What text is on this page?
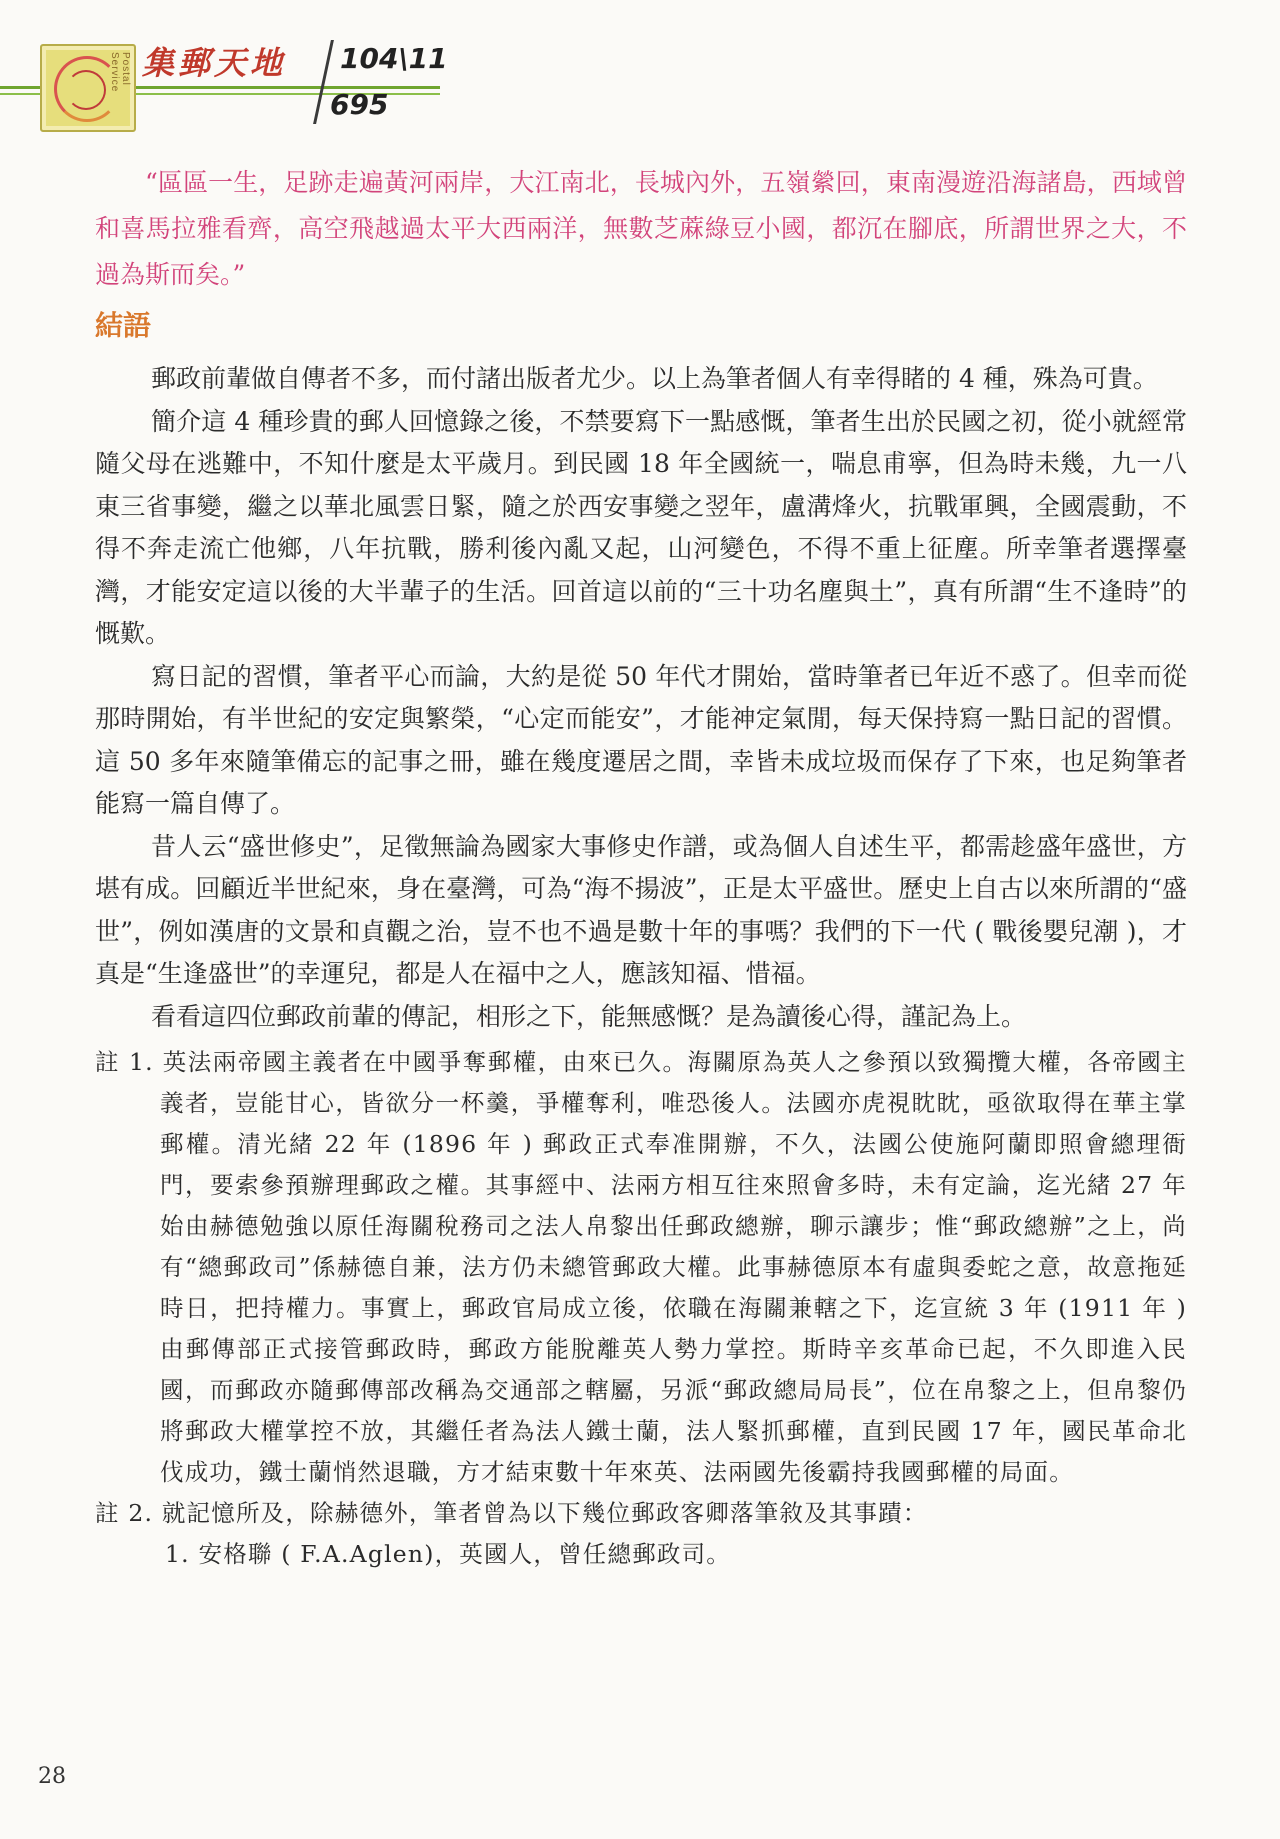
Postal Service 集郵天地 104\11
695

“區區一生，足跡走遍黃河兩岸，大江南北，長城內外，五嶺縈回，東南漫遊沿海諸島，西域曾和喜馬拉雅看齊，高空飛越過太平大西兩洋，無數芝蔴綠豆小國，都沉在腳底，所謂世界之大，不過為斯而矣。”

結語

郵政前輩做自傳者不多，而付諸出版者尤少。以上為筆者個人有幸得睹的 4 種，殊為可貴。

簡介這 4 種珍貴的郵人回憶錄之後，不禁要寫下一點感慨，筆者生出於民國之初，從小就經常隨父母在逃難中，不知什麼是太平歲月。到民國 18 年全國統一，喘息甫寧，但為時未幾，九一八東三省事變，繼之以華北風雲日緊，隨之於西安事變之翌年，盧溝烽火，抗戰軍興，全國震動，不得不奔走流亡他鄉，八年抗戰，勝利後內亂又起，山河變色，不得不重上征塵。所幸筆者選擇臺灣，才能安定這以後的大半輩子的生活。回首這以前的“三十功名塵與土”，真有所謂“生不逢時”的慨歎。

寫日記的習慣，筆者平心而論，大約是從 50 年代才開始，當時筆者已年近不惑了。但幸而從那時開始，有半世紀的安定與繁榮，“心定而能安”，才能神定氣閒，每天保持寫一點日記的習慣。這 50 多年來隨筆備忘的記事之冊，雖在幾度遷居之間，幸皆未成垃圾而保存了下來，也足夠筆者能寫一篇自傳了。

昔人云“盛世修史”，足徵無論為國家大事修史作譜，或為個人自述生平，都需趁盛年盛世，方堪有成。回顧近半世紀來，身在臺灣，可為“海不揚波”，正是太平盛世。歷史上自古以來所謂的“盛世”，例如漢唐的文景和貞觀之治，豈不也不過是數十年的事嗎？我們的下一代 ( 戰後嬰兒潮 )，才真是“生逢盛世”的幸運兒，都是人在福中之人，應該知福、惜福。

看看這四位郵政前輩的傳記，相形之下，能無感慨？是為讀後心得，謹記為上。

註 1. 英法兩帝國主義者在中國爭奪郵權，由來已久。海關原為英人之參預以致獨攬大權，各帝國主義者，豈能甘心，皆欲分一杯羹，爭權奪利，唯恐後人。法國亦虎視眈眈，亟欲取得在華主掌郵權。清光緒 22 年 (1896 年 ) 郵政正式奉准開辦，不久，法國公使施阿蘭即照會總理衙門，要索參預辦理郵政之權。其事經中、法兩方相互往來照會多時，未有定論，迄光緒 27 年始由赫德勉強以原任海關稅務司之法人帛黎出任郵政總辦，聊示讓步；惟“郵政總辦”之上，尚有“總郵政司”係赫德自兼，法方仍未總管郵政大權。此事赫德原本有虛與委蛇之意，故意拖延時日，把持權力。事實上，郵政官局成立後，依職在海關兼轄之下，迄宣統 3 年 (1911 年 ) 由郵傳部正式接管郵政時，郵政方能脫離英人勢力掌控。斯時辛亥革命已起，不久即進入民國，而郵政亦隨郵傳部改稱為交通部之轄屬，另派“郵政總局局長”，位在帛黎之上，但帛黎仍將郵政大權掌控不放，其繼任者為法人鐵士蘭，法人緊抓郵權，直到民國 17 年，國民革命北伐成功，鐵士蘭悄然退職，方才結束數十年來英、法兩國先後霸持我國郵權的局面。

註 2. 就記憶所及，除赫德外，筆者曾為以下幾位郵政客卿落筆敘及其事蹟：

1. 安格聯 ( F.A.Aglen)，英國人，曾任總郵政司。

28
